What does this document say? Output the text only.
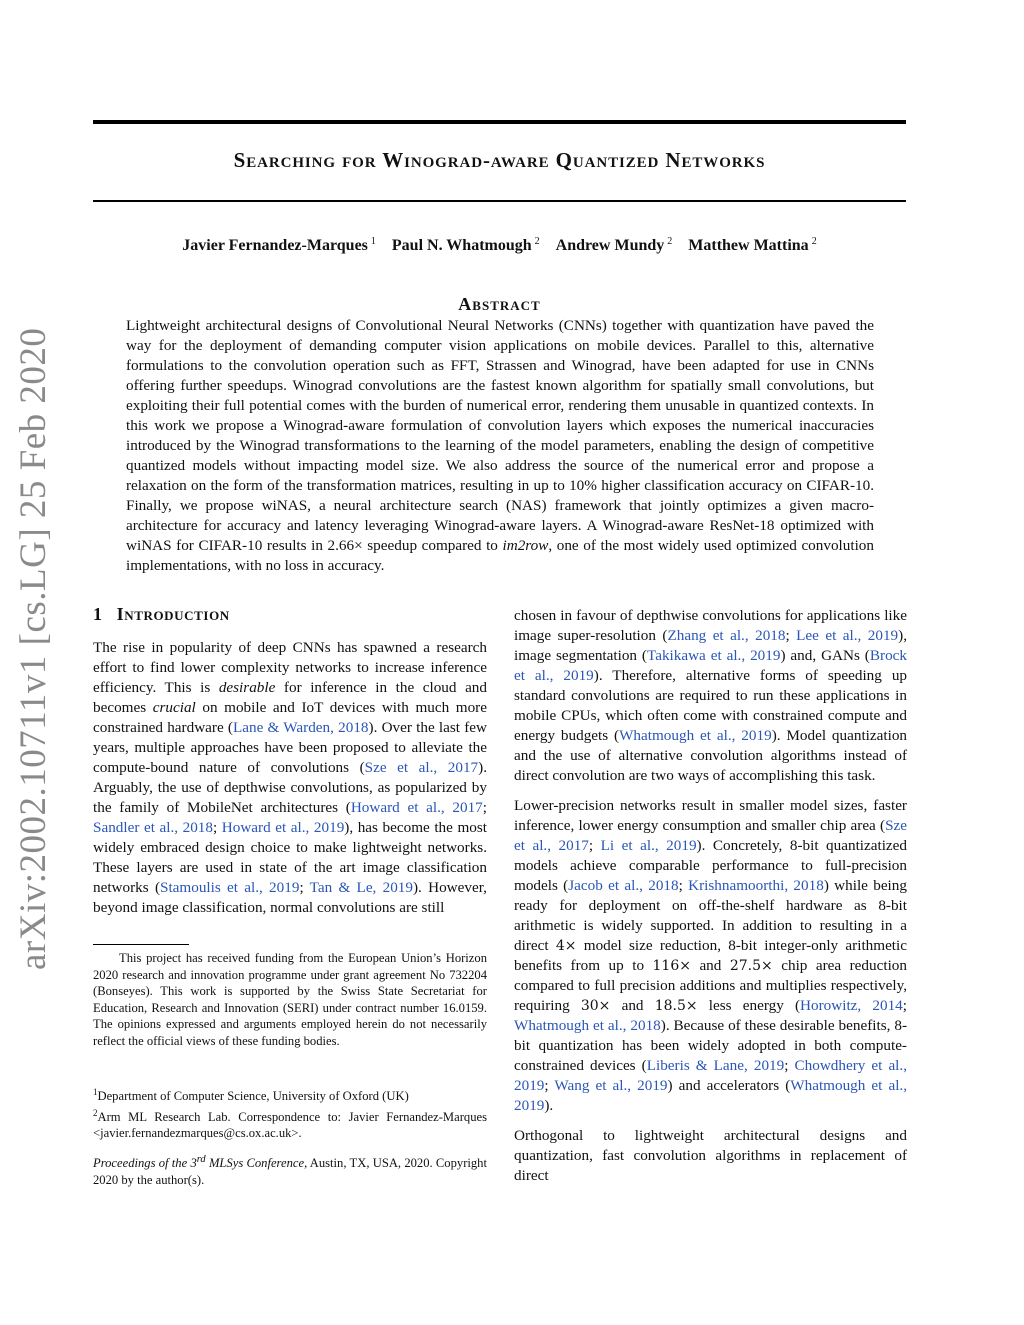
arXiv:2002.10711v1 [cs.LG] 25 Feb 2020
Searching for Winograd-aware Quantized Networks
Javier Fernandez-Marques $^1$ Paul N. Whatmough $^2$ Andrew Mundy $^2$ Matthew Mattina $^2$
Abstract
Lightweight architectural designs of Convolutional Neural Networks (CNNs) together with quantization have paved the way for the deployment of demanding computer vision applications on mobile devices. Parallel to this, alternative formulations to the convolution operation such as FFT, Strassen and Winograd, have been adapted for use in CNNs offering further speedups. Winograd convolutions are the fastest known algorithm for spatially small convolutions, but exploiting their full potential comes with the burden of numerical error, rendering them unusable in quantized contexts. In this work we propose a Winograd-aware formulation of convolution layers which exposes the numerical inaccuracies introduced by the Winograd transformations to the learning of the model parameters, enabling the design of competitive quantized models without impacting model size. We also address the source of the numerical error and propose a relaxation on the form of the transformation matrices, resulting in up to 10% higher classification accuracy on CIFAR-10. Finally, we propose wiNAS, a neural architecture search (NAS) framework that jointly optimizes a given macro-architecture for accuracy and latency leveraging Winograd-aware layers. A Winograd-aware ResNet-18 optimized with wiNAS for CIFAR-10 results in 2.66× speedup compared to im2row, one of the most widely used optimized convolution implementations, with no loss in accuracy.
1 Introduction

The rise in popularity of deep CNNs has spawned a research effort to find lower complexity networks to increase inference efficiency. This is desirable for inference in the cloud and becomes crucial on mobile and IoT devices with much more constrained hardware (Lane & Warden, 2018). Over the last few years, multiple approaches have been proposed to alleviate the compute-bound nature of convolutions (Sze et al., 2017). Arguably, the use of depthwise convolutions, as popularized by the family of MobileNet architectures (Howard et al., 2017; Sandler et al., 2018; Howard et al., 2019), has become the most widely embraced design choice to make lightweight networks. These layers are used in state of the art image classification networks (Stamoulis et al., 2019; Tan & Le, 2019). However, beyond image classification, normal convolutions are still

This project has received funding from the European Union’s Horizon 2020 research and innovation programme under grant agreement No 732204 (Bonseyes). This work is supported by the Swiss State Secretariat for Education, Research and Innovation (SERI) under contract number 16.0159. The opinions expressed and arguments employed herein do not necessarily reflect the official views of these funding bodies.
$^1$Department of Computer Science, University of Oxford (UK)
$^2$Arm ML Research Lab. Correspondence to: Javier Fernandez-Marques <javier.fernandezmarques@cs.ox.ac.uk>.
Proceedings of the 3rd MLSys Conference, Austin, TX, USA, 2020. Copyright 2020 by the author(s).

chosen in favour of depthwise convolutions for applications like image super-resolution (Zhang et al., 2018; Lee et al., 2019), image segmentation (Takikawa et al., 2019) and, GANs (Brock et al., 2019). Therefore, alternative forms of speeding up standard convolutions are required to run these applications in mobile CPUs, which often come with constrained compute and energy budgets (Whatmough et al., 2019). Model quantization and the use of alternative convolution algorithms instead of direct convolution are two ways of accomplishing this task.

Lower-precision networks result in smaller model sizes, faster inference, lower energy consumption and smaller chip area (Sze et al., 2017; Li et al., 2019). Concretely, 8-bit quantizatized models achieve comparable performance to full-precision models (Jacob et al., 2018; Krishnamoorthi, 2018) while being ready for deployment on off-the-shelf hardware as 8-bit arithmetic is widely supported. In addition to resulting in a direct 4× model size reduction, 8-bit integer-only arithmetic benefits from up to 116× and 27.5× chip area reduction compared to full precision additions and multiplies respectively, requiring 30× and 18.5× less energy (Horowitz, 2014; Whatmough et al., 2018). Because of these desirable benefits, 8-bit quantization has been widely adopted in both compute-constrained devices (Liberis & Lane, 2019; Chowdhery et al., 2019; Wang et al., 2019) and accelerators (Whatmough et al., 2019).

Orthogonal to lightweight architectural designs and quantization, fast convolution algorithms in replacement of direct
